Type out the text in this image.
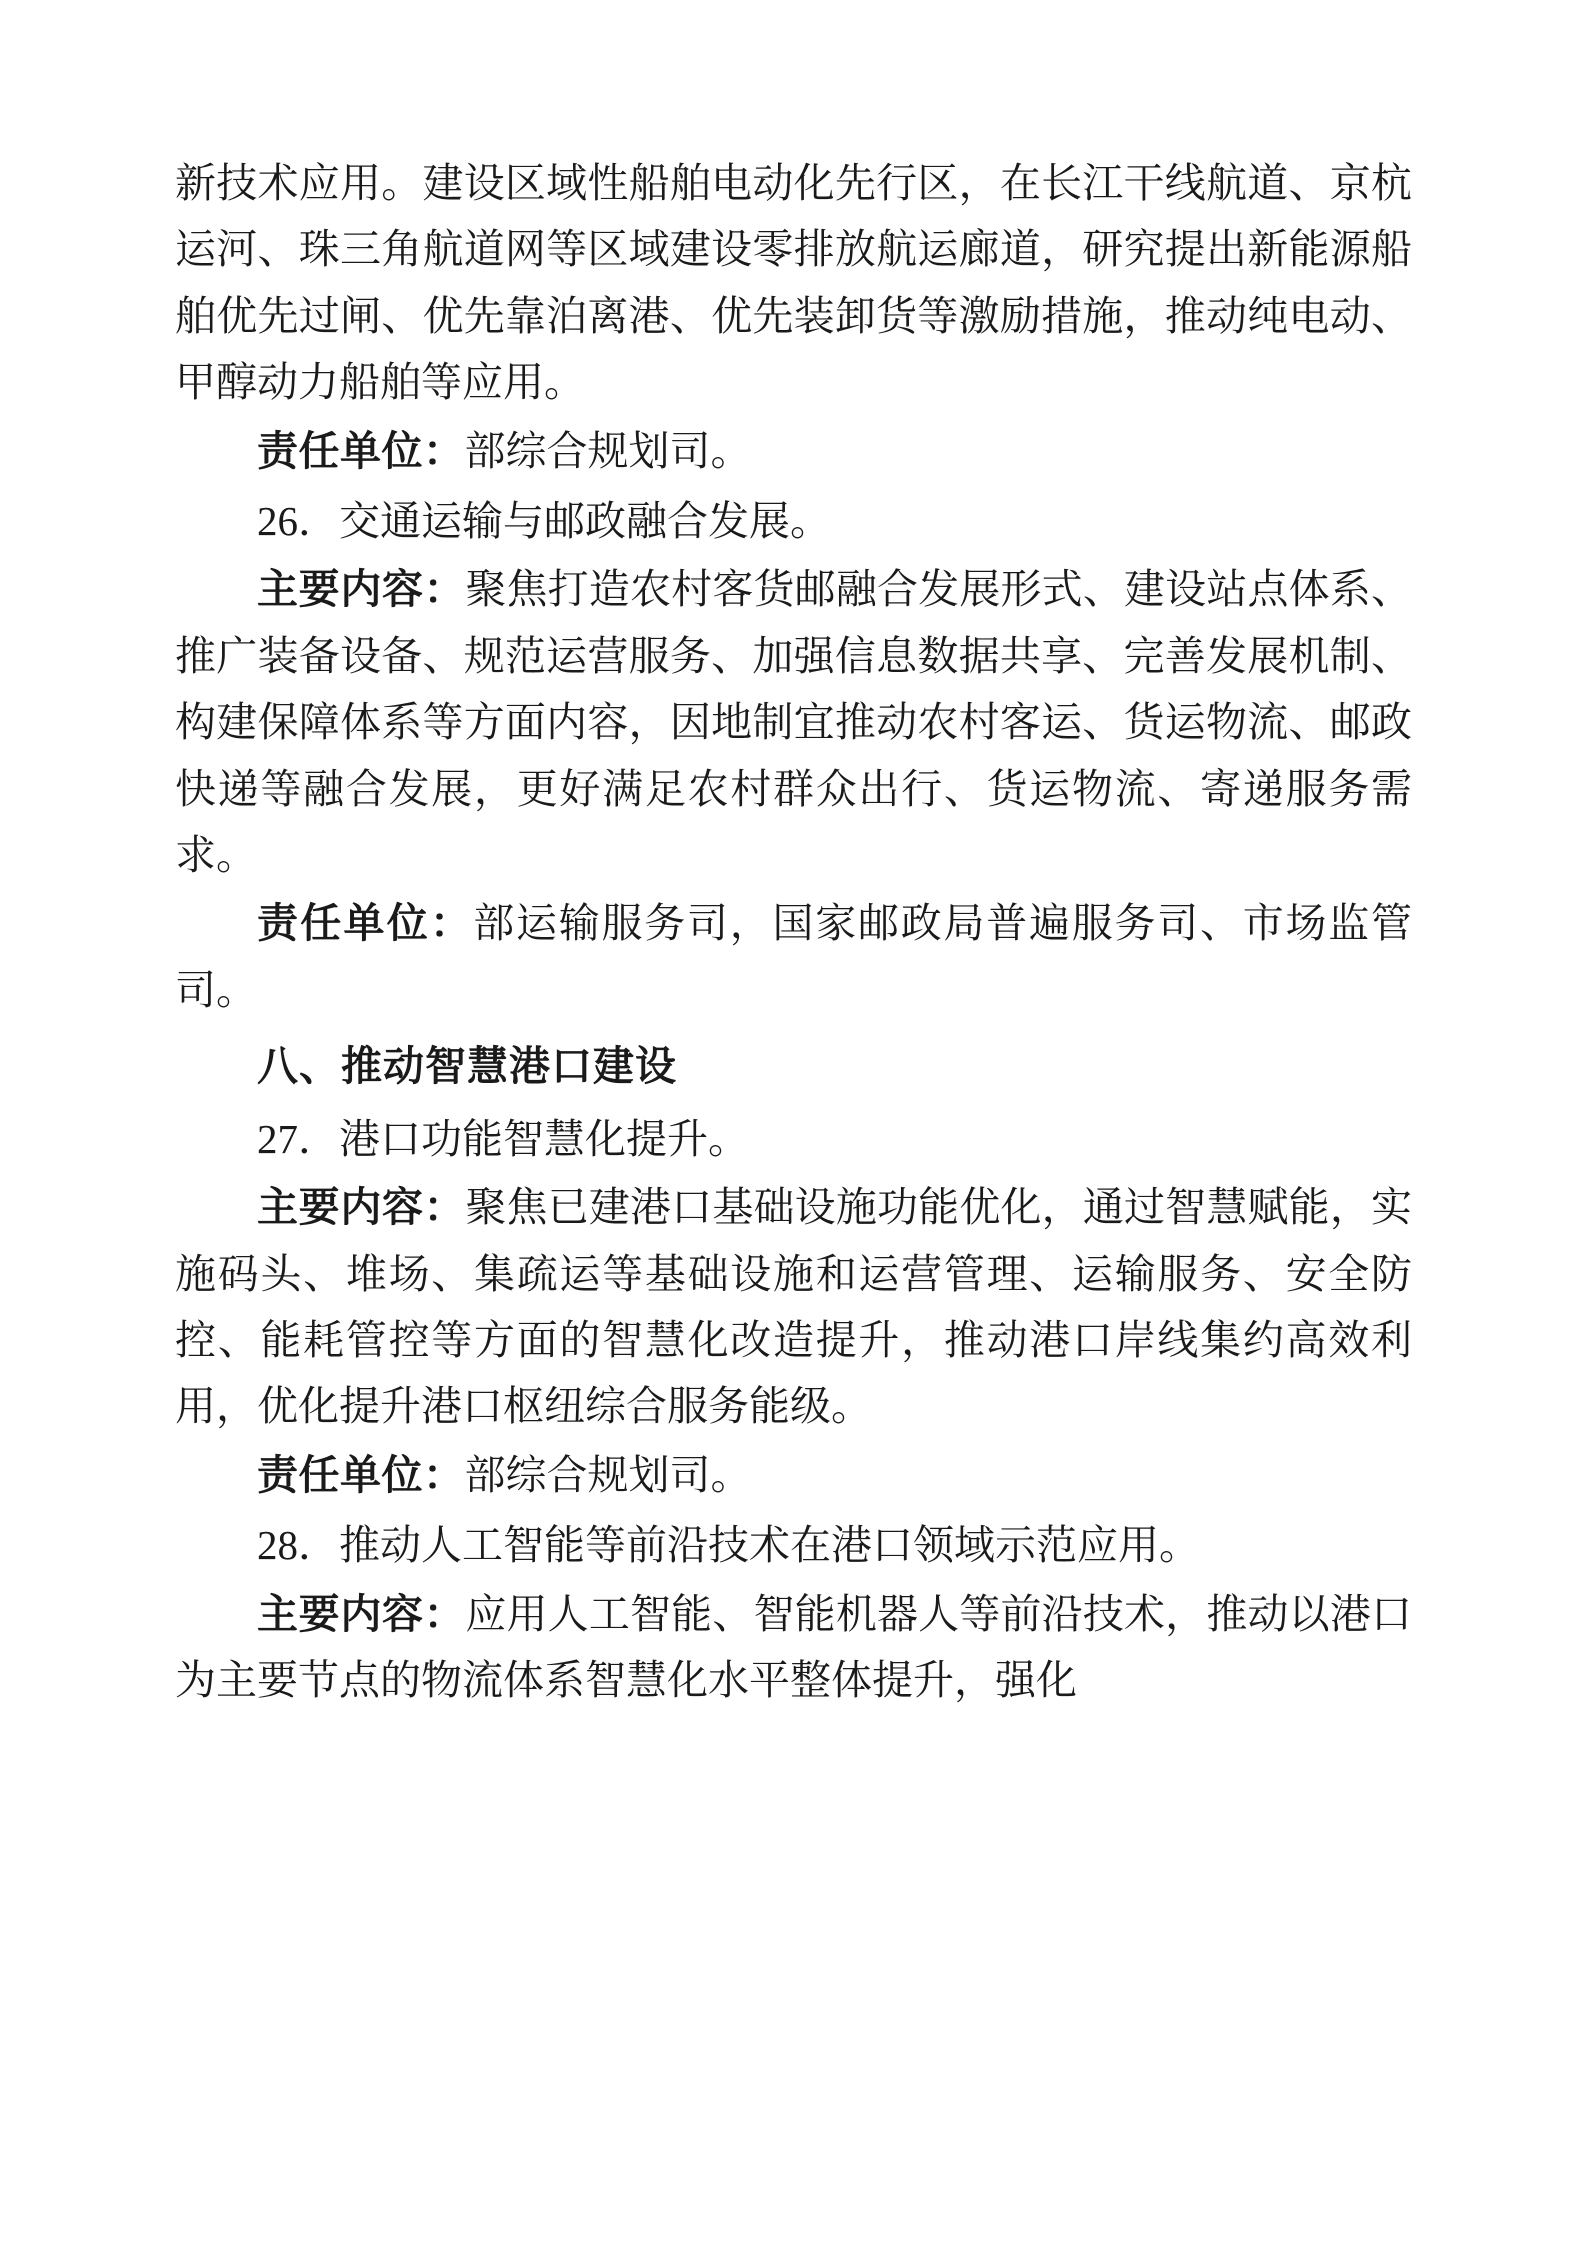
新技术应用。建设区域性船舶电动化先行区，在长江干线航道、京杭运河、珠三角航道网等区域建设零排放航运廊道，研究提出新能源船舶优先过闸、优先靠泊离港、优先装卸货等激励措施，推动纯电动、甲醇动力船舶等应用。

责任单位：部综合规划司。

26．交通运输与邮政融合发展。

主要内容：聚焦打造农村客货邮融合发展形式、建设站点体系、推广装备设备、规范运营服务、加强信息数据共享、完善发展机制、构建保障体系等方面内容，因地制宜推动农村客运、货运物流、邮政快递等融合发展，更好满足农村群众出行、货运物流、寄递服务需求。

责任单位：部运输服务司，国家邮政局普遍服务司、市场监管司。

八、推动智慧港口建设

27．港口功能智慧化提升。

主要内容：聚焦已建港口基础设施功能优化，通过智慧赋能，实施码头、堆场、集疏运等基础设施和运营管理、运输服务、安全防控、能耗管控等方面的智慧化改造提升，推动港口岸线集约高效利用，优化提升港口枢纽综合服务能级。

责任单位：部综合规划司。

28．推动人工智能等前沿技术在港口领域示范应用。

主要内容：应用人工智能、智能机器人等前沿技术，推动以港口为主要节点的物流体系智慧化水平整体提升，强化
